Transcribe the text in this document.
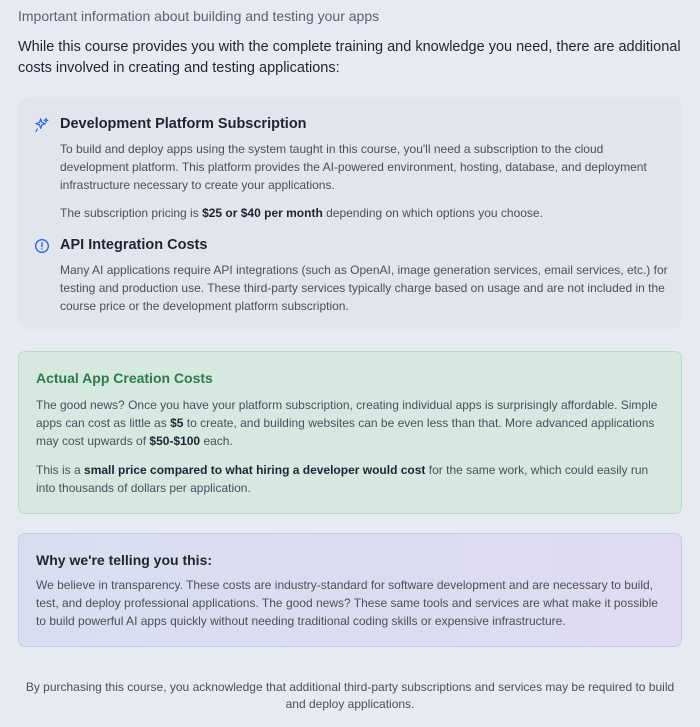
Important information about building and testing your apps
While this course provides you with the complete training and knowledge you need, there are additional costs involved in creating and testing applications:
Development Platform Subscription
To build and deploy apps using the system taught in this course, you'll need a subscription to the cloud development platform. This platform provides the AI-powered environment, hosting, database, and deployment infrastructure necessary to create your applications.
The subscription pricing is $25 or $40 per month depending on which options you choose.
API Integration Costs
Many AI applications require API integrations (such as OpenAI, image generation services, email services, etc.) for testing and production use. These third-party services typically charge based on usage and are not included in the course price or the development platform subscription.
Actual App Creation Costs
The good news? Once you have your platform subscription, creating individual apps is surprisingly affordable. Simple apps can cost as little as $5 to create, and building websites can be even less than that. More advanced applications may cost upwards of $50-$100 each.
This is a small price compared to what hiring a developer would cost for the same work, which could easily run into thousands of dollars per application.
Why we're telling you this:
We believe in transparency. These costs are industry-standard for software development and are necessary to build, test, and deploy professional applications. The good news? These same tools and services are what make it possible to build powerful AI apps quickly without needing traditional coding skills or expensive infrastructure.
By purchasing this course, you acknowledge that additional third-party subscriptions and services may be required to build and deploy applications.
